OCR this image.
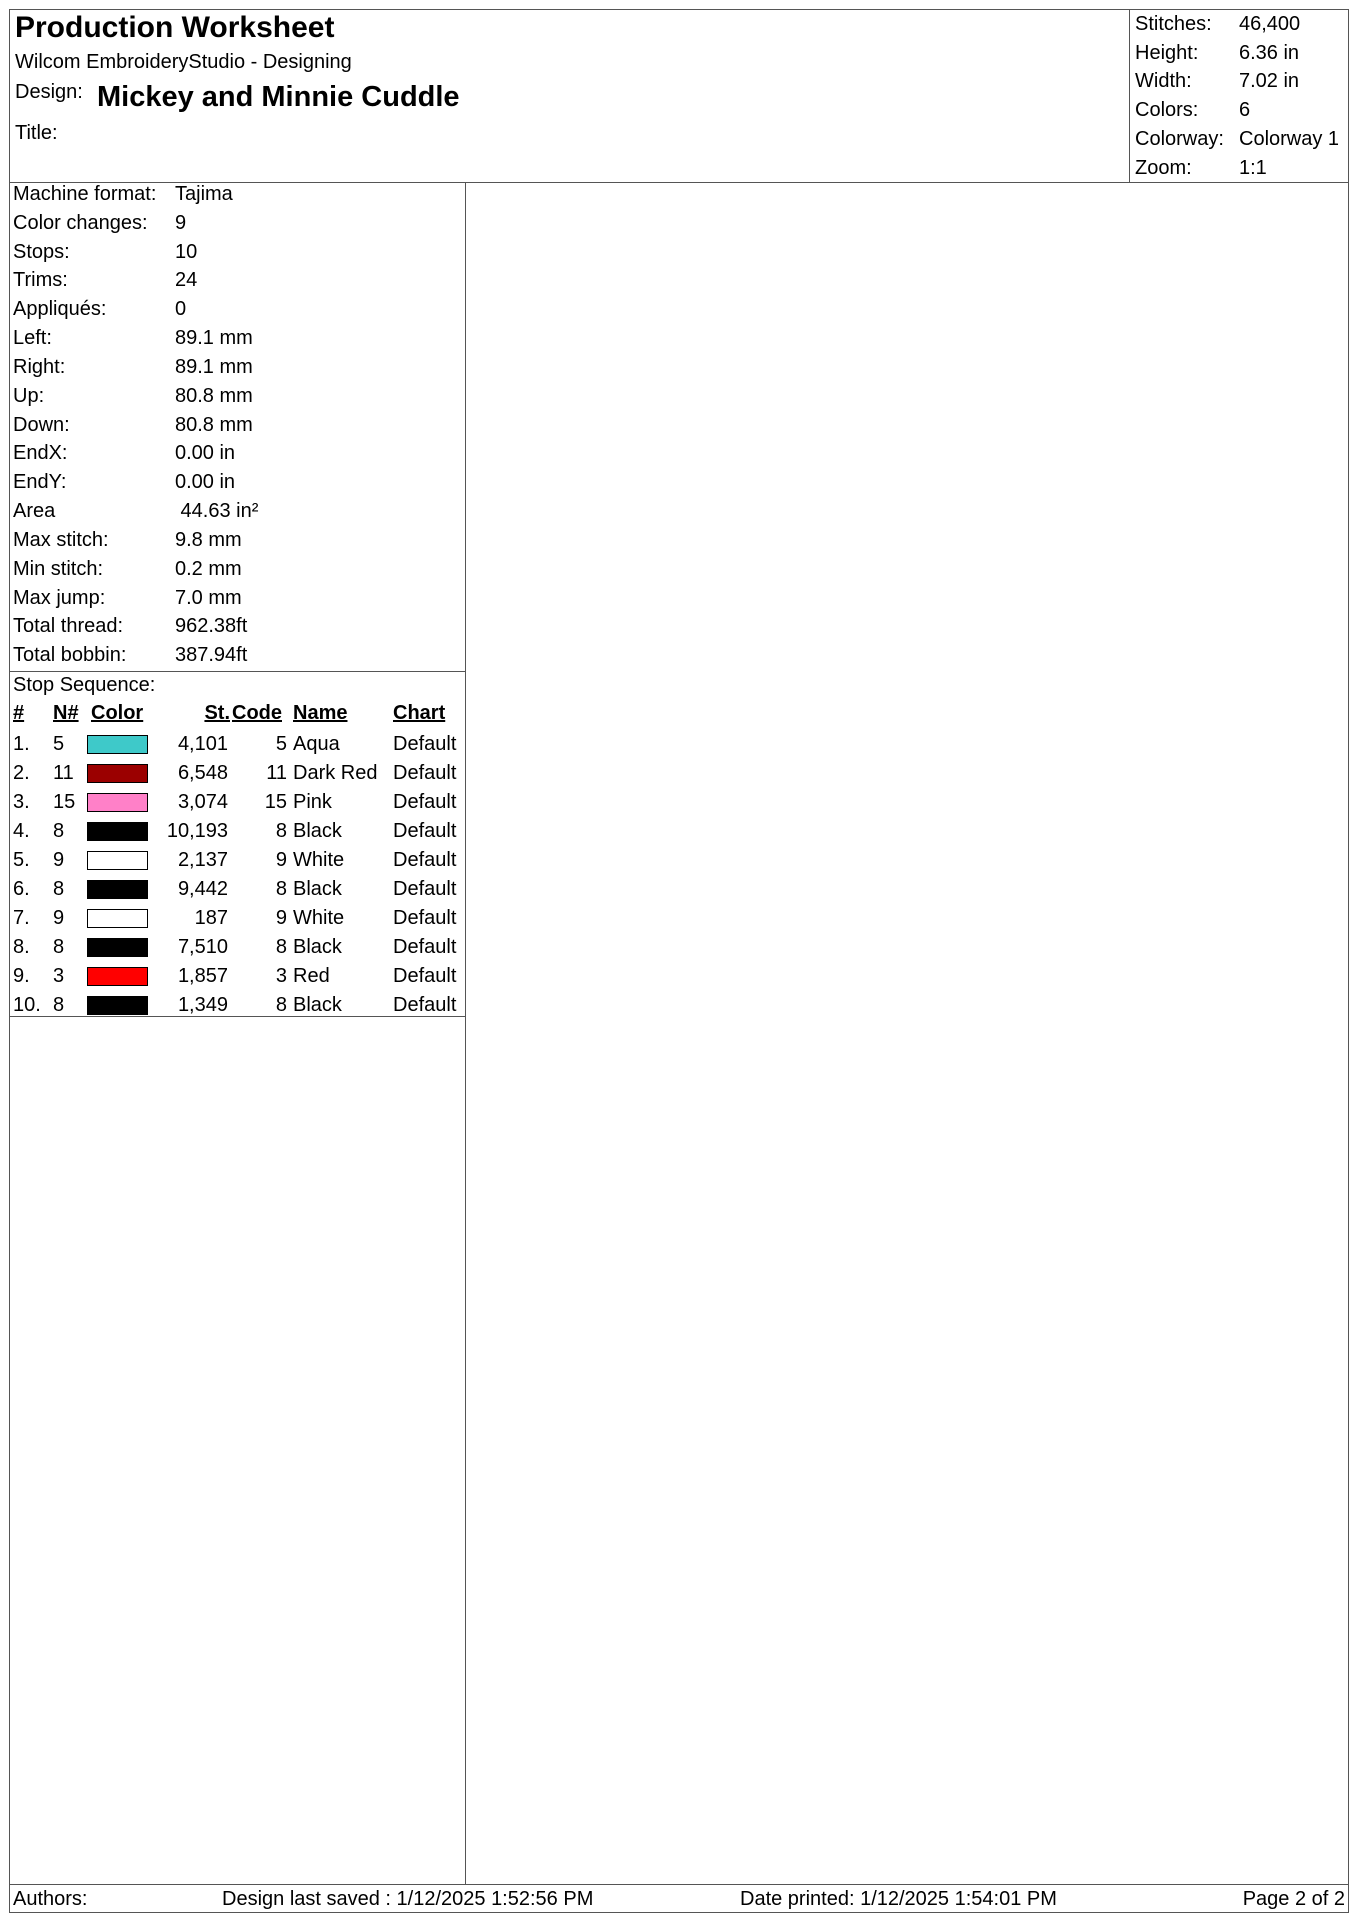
Production Worksheet
Wilcom EmbroideryStudio - Designing
Design: Mickey and Minnie Cuddle
Title:
Stitches: 46,400
Height: 6.36 in
Width: 7.02 in
Colors: 6
Colorway: Colorway 1
Zoom: 1:1
Machine format: Tajima
Color changes: 9
Stops:	10
Trims:	24
Appliqués:	0
Left:	89.1 mm
Right:	89.1 mm
Up:	80.8 mm
Down:	80.8 mm
EndX:	0.00 in
EndY:	0.00 in
Area	44.63 in²
Max stitch:	9.8 mm
Min stitch:	0.2 mm
Max jump:	7.0 mm
Total thread:	962.38ft
Total bobbin: 387.94ft
Stop Sequence:
# N# Color	St. Code Name Chart
1. 5	4,101 5 Aqua	Default
2. 11	6,548 11 Dark Red Default
3. 15	3,074 15 Pink	Default
4. 8	10,193 8 Black	Default
5. 9	2,137 9 White Default
6. 8	9,442 8 Black	Default
7. 9	187 9 White Default
8. 8	7,510 8 Black	Default
9. 3	1,857 3 Red	Default
10. 8	1,349 8 Black	Default
Authors:	Design last saved : 1/12/2025 1:52:56 PM	Date printed: 1/12/2025 1:54:01 PM	Page 2 of 2
